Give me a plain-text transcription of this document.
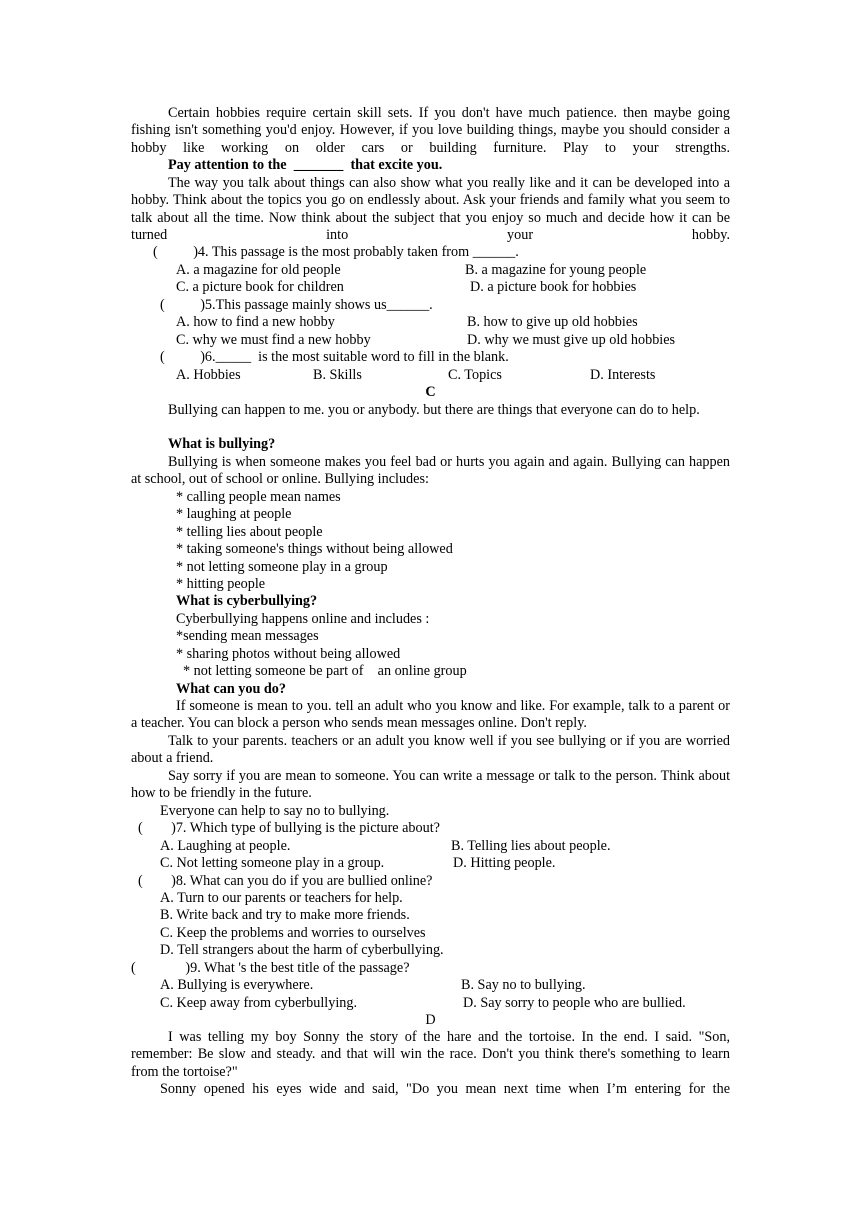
Certain hobbies require certain skill sets. If you don't have much patience. then maybe going fishing isn't something you'd enjoy. However, if you love building things, maybe you should consider a hobby like working on older cars or building furniture. Play to your strengths.
Pay attention to the _______ that excite you.
The way you talk about things can also show what you really like and it can be developed into a hobby. Think about the topics you go on endlessly about. Ask your friends and family what you seem to talk about all the time. Now think about the subject that you enjoy so much and decide how it can be turned into your hobby.
( )4. This passage is the most probably taken from ______.
A. a magazine for old people	B. a magazine for young people
C. a picture book for children	D. a picture book for hobbies
( )5.This passage mainly shows us______.
A. how to find a new hobby	B. how to give up old hobbies
C. why we must find a new hobby	D. why we must give up old hobbies
( )6._____  is the most suitable word to fill in the blank.
A. Hobbies	B. Skills	C. Topics	D. Interests
C
Bullying can happen to me. you or anybody. but there are things that everyone can do to help.
What is bullying?
Bullying is when someone makes you feel bad or hurts you again and again. Bullying can happen at school, out of school or online. Bullying includes:
* calling people mean names
* laughing at people
* telling lies about people
* taking someone's things without being allowed
* not letting someone play in a group
* hitting people
What is cyberbullying?
Cyberbullying happens online and includes :
*sending mean messages
* sharing photos without being allowed
* not letting someone be part of    an online group
What can you do?
If someone is mean to you. tell an adult who you know and like. For example, talk to a parent or a teacher. You can block a person who sends mean messages online. Don't reply.
Talk to your parents. teachers or an adult you know well if you see bullying or if you are worried about a friend.
Say sorry if you are mean to someone. You can write a message or talk to the person. Think about how to be friendly in the future.
Everyone can help to say no to bullying.
( )7. Which type of bullying is the picture about?
A. Laughing at people.	B. Telling lies about people.
C. Not letting someone play in a group.	D. Hitting people.
( )8. What can you do if you are bullied online?
A. Turn to our parents or teachers for help.
B. Write back and try to make more friends.
C. Keep the problems and worries to ourselves
D. Tell strangers about the harm of cyberbullying.
(	)9. What 's the best title of the passage?
A. Bullying is everywhere.	B. Say no to bullying.
C. Keep away from cyberbullying.	D. Say sorry to people who are bullied.
D
I was telling my boy Sonny the story of the hare and the tortoise. In the end. I said. "Son, remember: Be slow and steady. and that will win the race. Don't you think there's something to learn from the tortoise?"
Sonny opened his eyes wide and said, "Do you mean next time when I’m entering for the
